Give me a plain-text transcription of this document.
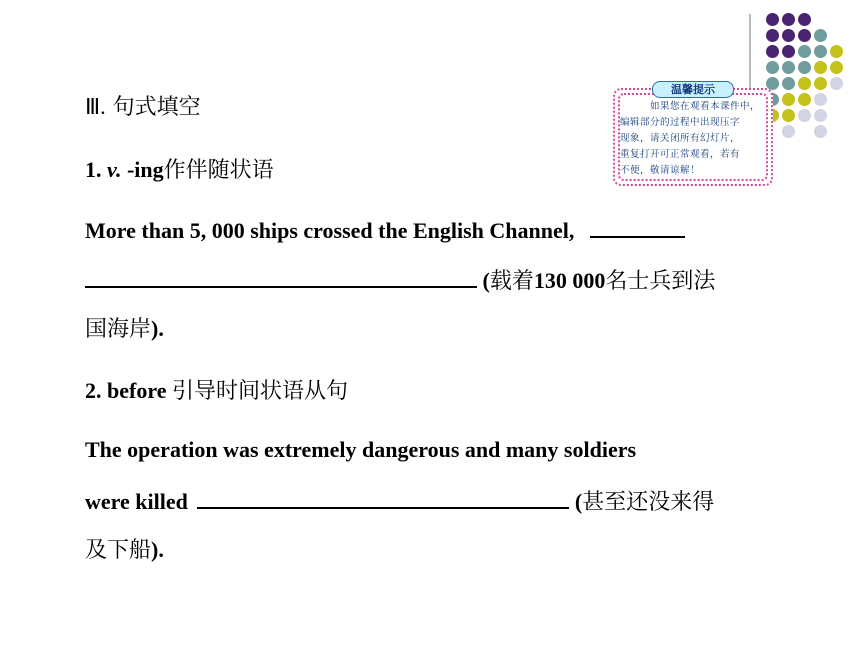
温馨提示
如果您在观看本课件中，
编辑部分的过程中出现压字
现象，请关闭所有幻灯片，
重复打开可正常观看，若有
不便，敬请谅解！
Ⅲ. 句式填空
1. v. -ing作伴随状语
More than 5, 000 ships crossed the English Channel,
(载着130 000名士兵到法
国海岸).
2. before 引导时间状语从句
The operation was extremely dangerous and many soldiers
were killed	(甚至还没来得
及下船).
